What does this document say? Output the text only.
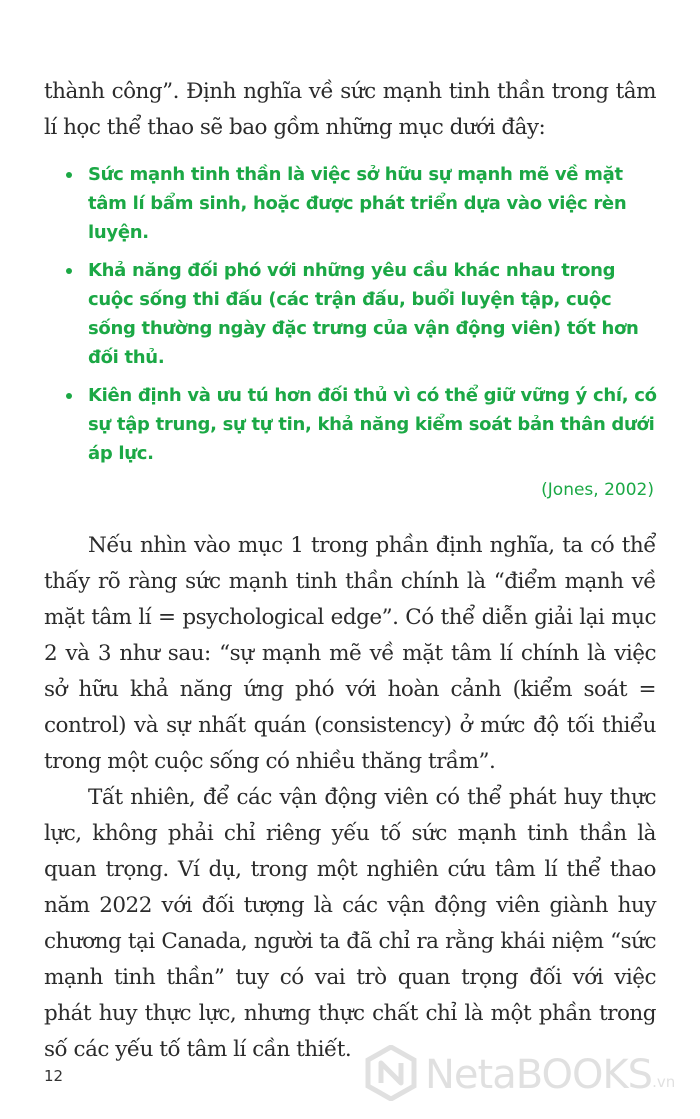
thành công”. Định nghĩa về sức mạnh tinh thần trong tâm lí học thể thao sẽ bao gồm những mục dưới đây:

Sức mạnh tinh thần là việc sở hữu sự mạnh mẽ về mặt tâm lí bẩm sinh, hoặc được phát triển dựa vào việc rèn luyện.
Khả năng đối phó với những yêu cầu khác nhau trong cuộc sống thi đấu (các trận đấu, buổi luyện tập, cuộc sống thường ngày đặc trưng của vận động viên) tốt hơn đối thủ.
Kiên định và ưu tú hơn đối thủ vì có thể giữ vững ý chí, có sự tập trung, sự tự tin, khả năng kiểm soát bản thân dưới áp lực.
(Jones, 2002)

Nếu nhìn vào mục 1 trong phần định nghĩa, ta có thể thấy rõ ràng sức mạnh tinh thần chính là “điểm mạnh về mặt tâm lí = psychological edge”. Có thể diễn giải lại mục 2 và 3 như sau: “sự mạnh mẽ về mặt tâm lí chính là việc sở hữu khả năng ứng phó với hoàn cảnh (kiểm soát = control) và sự nhất quán (consistency) ở mức độ tối thiểu trong một cuộc sống có nhiều thăng trầm”.

Tất nhiên, để các vận động viên có thể phát huy thực lực, không phải chỉ riêng yếu tố sức mạnh tinh thần là quan trọng. Ví dụ, trong một nghiên cứu tâm lí thể thao năm 2022 với đối tượng là các vận động viên giành huy chương tại Canada, người ta đã chỉ ra rằng khái niệm “sức mạnh tinh thần” tuy có vai trò quan trọng đối với việc phát huy thực lực, nhưng thực chất chỉ là một phần trong số các yếu tố tâm lí cần thiết.

12	NetaBOOKS .vn
